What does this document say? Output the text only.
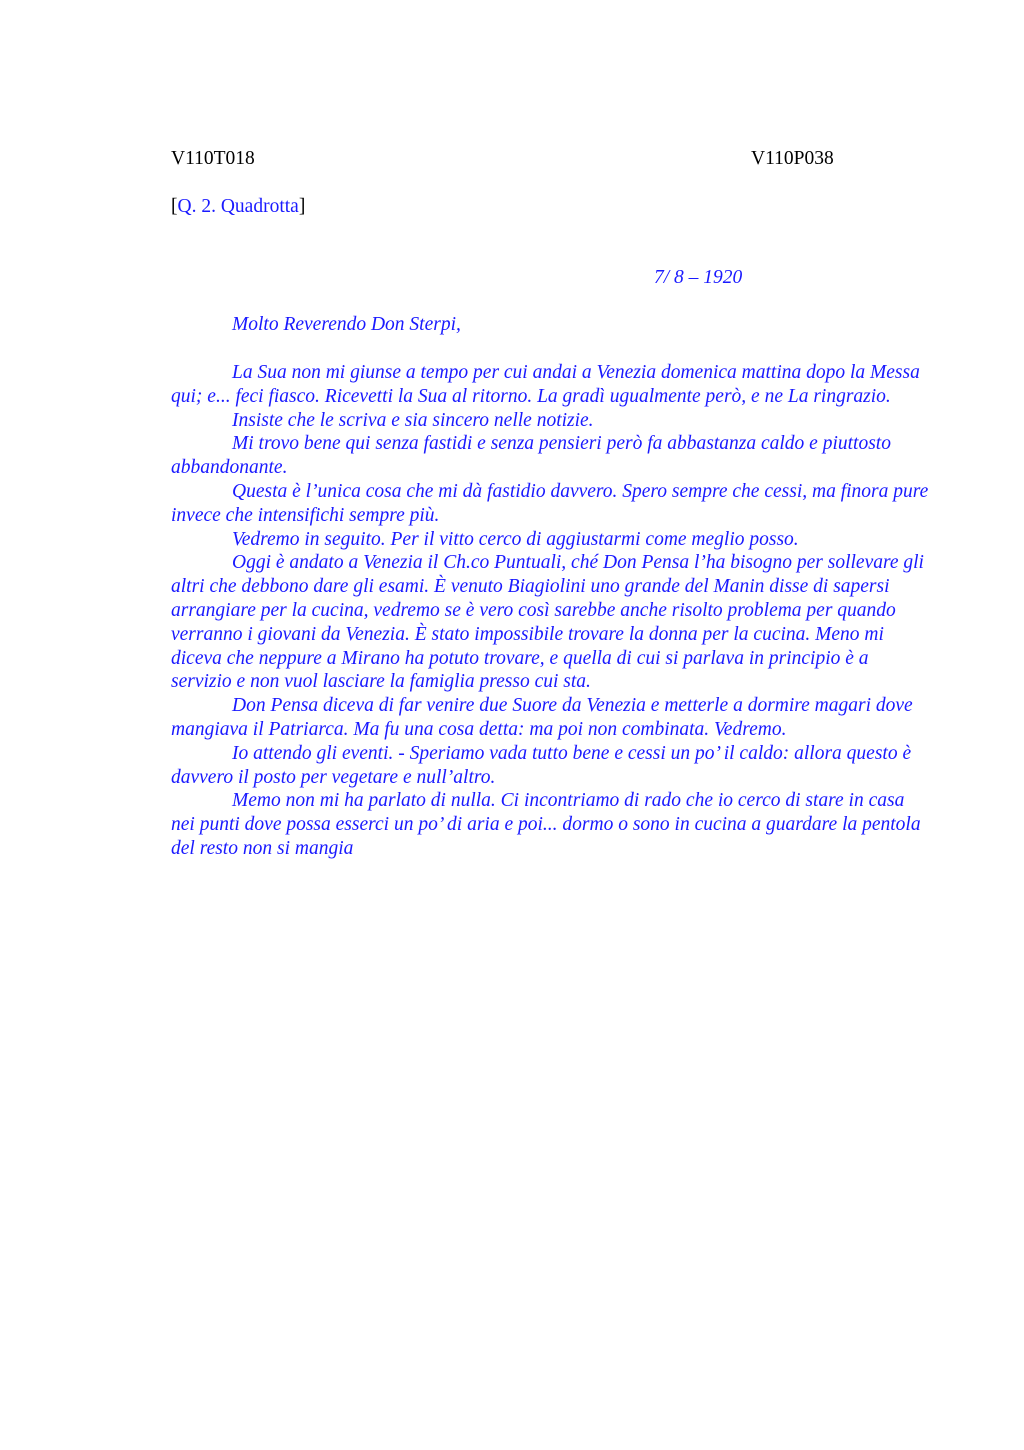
V110T018	V110P038
[Q. 2. Quadrotta]
7/ 8 – 1920
Molto Reverendo Don Sterpi,

La Sua non mi giunse a tempo per cui andai a Venezia domenica mattina dopo la Messa qui; e... feci fiasco. Ricevetti la Sua al ritorno. La gradì ugualmente però, e ne La ringrazio.

Insiste che le scriva e sia sincero nelle notizie.

Mi trovo bene qui senza fastidi e senza pensieri però fa abbastanza caldo e piuttosto abbandonante.

Questa è l’unica cosa che mi dà fastidio davvero. Spero sempre che cessi, ma finora pure invece che intensifichi sempre più.

Vedremo in seguito. Per il vitto cerco di aggiustarmi come meglio posso.

Oggi è andato a Venezia il Ch.co Puntuali, ché Don Pensa l’ha bisogno per sollevare gli altri che debbono dare gli esami. È venuto Biagiolini uno grande del Manin disse di sapersi arrangiare per la cucina, vedremo se è vero così sarebbe anche risolto problema per quando verranno i giovani da Venezia. È stato impossibile trovare la donna per la cucina. Meno mi diceva che neppure a Mirano ha potuto trovare, e quella di cui si parlava in principio è a servizio e non vuol lasciare la famiglia presso cui sta.

Don Pensa diceva di far venire due Suore da Venezia e metterle a dormire magari dove mangiava il Patriarca. Ma fu una cosa detta: ma poi non combinata. Vedremo.

Io attendo gli eventi. - Speriamo vada tutto bene e cessi un po’ il caldo: allora questo è davvero il posto per vegetare e null’altro.

Memo non mi ha parlato di nulla. Ci incontriamo di rado che io cerco di stare in casa nei punti dove possa esserci un po’ di aria e poi... dormo o sono in cucina a guardare la pentola del resto non si mangia
